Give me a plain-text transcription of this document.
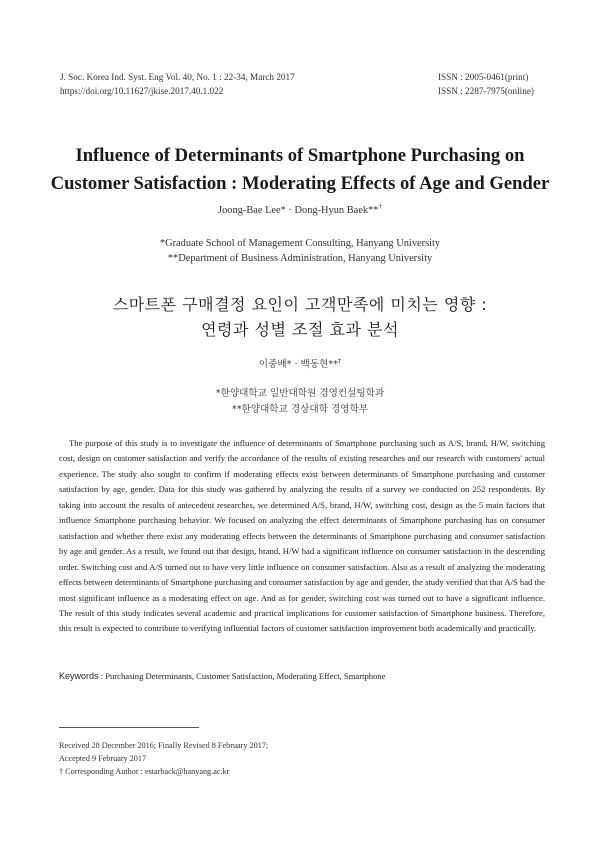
J. Soc. Korea Ind. Syst. Eng Vol. 40, No. 1 : 22-34, March 2017
https://doi.org/10.11627/jkise.2017.40.1.022
ISSN : 2005-0461(print)
ISSN : 2287-7975(online)
Influence of Determinants of Smartphone Purchasing on
Customer Satisfaction : Moderating Effects of Age and Gender
Joong-Bae Lee* · Dong-Hyun Baek**†
*Graduate School of Management Consulting, Hanyang University
**Department of Business Administration, Hanyang University
스마트폰 구매결정 요인이 고객만족에 미치는 영향 :
연령과 성별 조절 효과 분석
이중배* · 백동현**†
*한양대학교 일반대학원 경영컨설팅학과
**한양대학교 경상대학 경영학부

The purpose of this study is to investigate the influence of determinants of Smartphone purchasing such as A/S, brand, H/W, switching cost, design on customer satisfaction and verify the accordance of the results of existing researches and our research with customers' actual experience. The study also sought to confirm if moderating effects exist between determinants of Smartphone purchasing and customer satisfaction by age, gender. Data for this study was gathered by analyzing the results of a survey we conducted on 252 respondents. By taking into account the results of antecedent researches, we determined A/S, brand, H/W, switching cost, design as the 5 main factors that influence Smartphone purchasing behavior. We focused on analyzing the effect determinants of Smartphone purchasing has on consumer satisfaction and whether there exist any moderating effects between the determinants of Smartphone purchasing and consumer satisfaction by age and gender. As a result, we found out that design, brand, H/W had a significant influence on consumer satisfaction in the descending order. Switching cost and A/S turned out to have very little influence on consumer satisfaction. Also as a result of analyzing the moderating effects between determinants of Smartphone purchasing and consumer satisfaction by age and gender, the study verified that that A/S had the most significant influence as a moderating effect on age. And as for gender, switching cost was turned out to have a significant influence. The result of this study indicates several academic and practical implications for customer satisfaction of Smartphone business. Therefore, this result is expected to contribute to verifying influential factors of customer satisfaction improvement both academically and practically.

Keywords : Purchasing Determinants, Customer Satisfaction, Moderating Effect, Smartphone
Received 28 December 2016; Finally Revised 8 February 2017;
Accepted 9 February 2017
† Corresponding Author : estarback@hanyang.ac.kr
